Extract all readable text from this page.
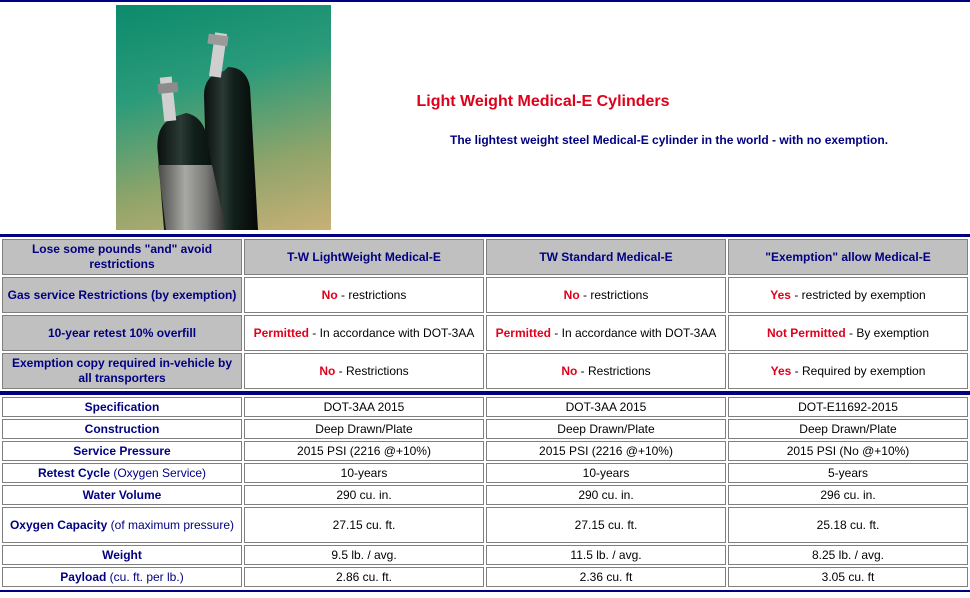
Light Weight Medical-E Cylinders
The lightest weight steel Medical-E cylinder in the world - with no exemption.
Lose some pounds "and" avoid restrictions	T-W LightWeight Medical-E	TW Standard Medical-E	"Exemption" allow Medical-E
Gas service Restrictions (by exemption)	No - restrictions	No - restrictions	Yes - restricted by exemption
10-year retest 10% overfill	Permitted - In accordance with DOT-3AA	Permitted - In accordance with DOT-3AA	Not Permitted - By exemption
Exemption copy required in-vehicle by all transporters	No - Restrictions	No - Restrictions	Yes - Required by exemption
Specification	DOT-3AA 2015	DOT-3AA 2015	DOT-E11692-2015
Construction	Deep Drawn/Plate	Deep Drawn/Plate	Deep Drawn/Plate
Service Pressure	2015 PSI (2216 @+10%)	2015 PSI (2216 @+10%)	2015 PSI (No @+10%)
Retest Cycle (Oxygen Service)	10-years	10-years	5-years
Water Volume	290 cu. in.	290 cu. in.	296 cu. in.
Oxygen Capacity (of maximum pressure)	27.15 cu. ft.	27.15 cu. ft.	25.18 cu. ft.
Weight	9.5 lb. / avg.	11.5 lb. / avg.	8.25 lb. / avg.
Payload (cu. ft. per lb.)	2.86 cu. ft.	2.36 cu. ft	3.05 cu. ft
